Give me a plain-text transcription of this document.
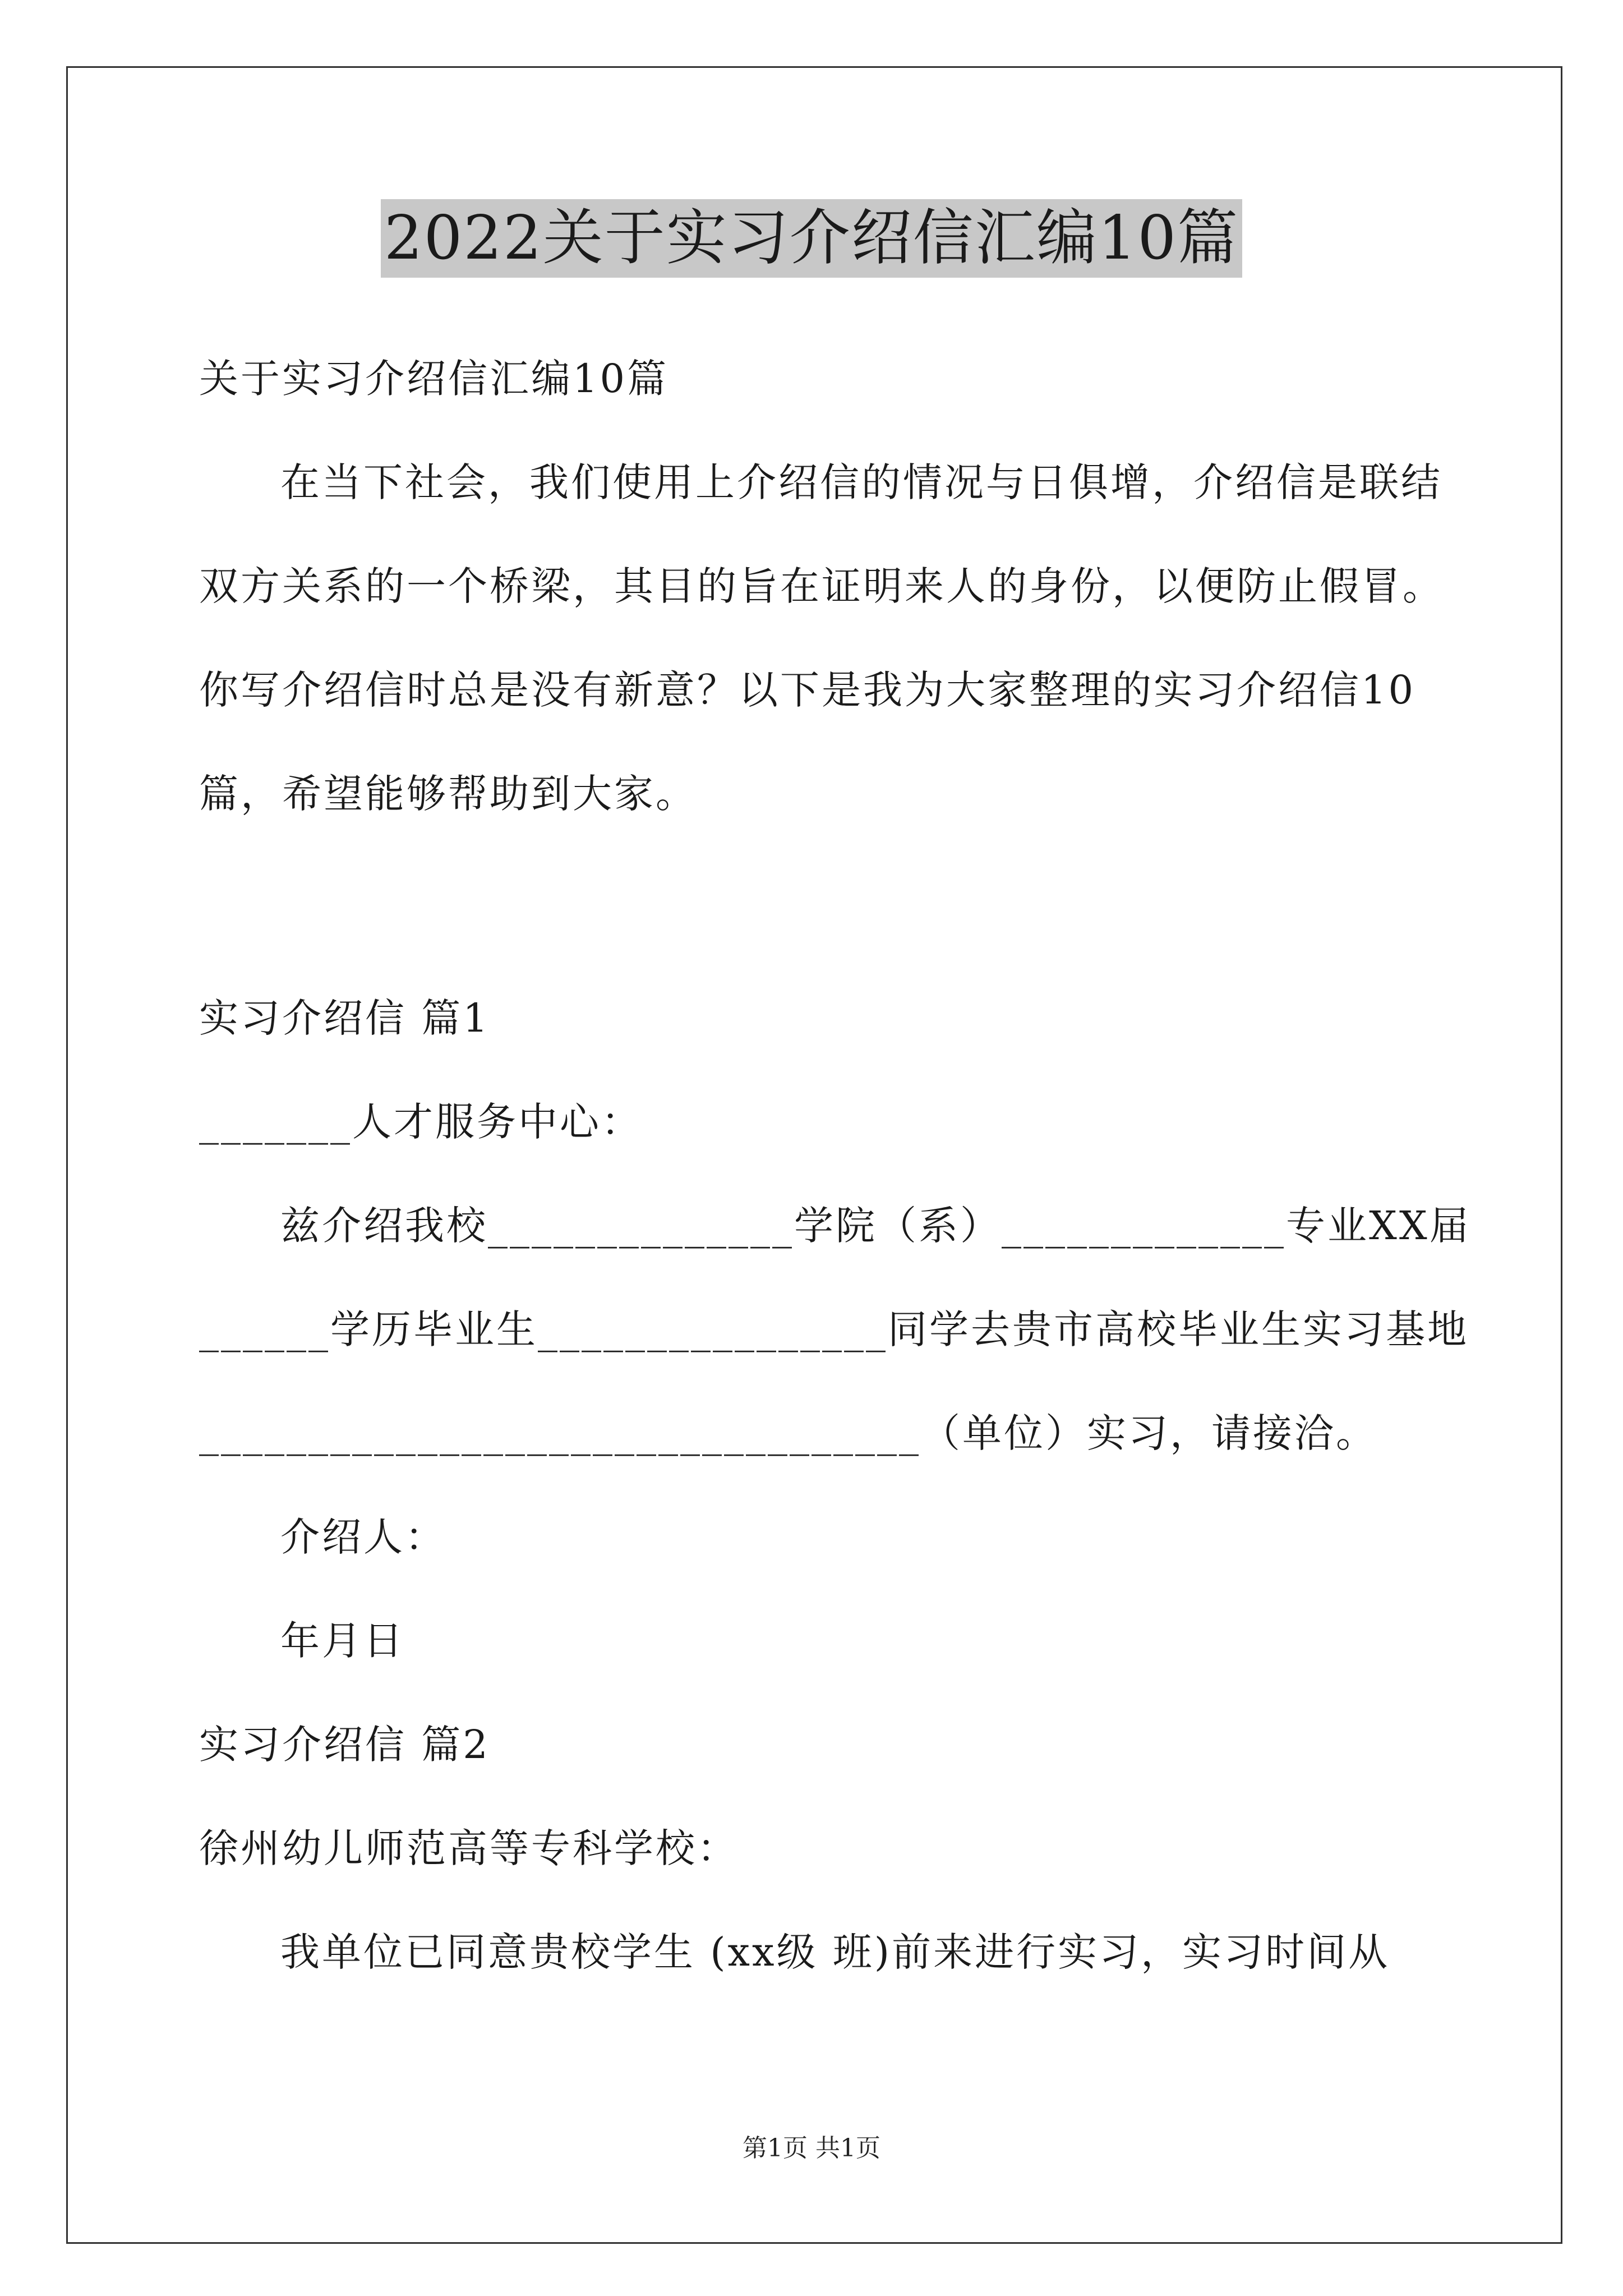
2022关于实习介绍信汇编10篇
关于实习介绍信汇编10篇
在当下社会，我们使用上介绍信的情况与日俱增，介绍信是联结
双方关系的一个桥梁，其目的旨在证明来人的身份，以便防止假冒。
你写介绍信时总是没有新意？以下是我为大家整理的实习介绍信10
篇，希望能够帮助到大家。
实习介绍信 篇1
_______人才服务中心：
兹介绍我校______________学院（系）_____________专业XX届
______学历毕业生________________同学去贵市高校毕业生实习基地
_________________________________（单位）实习，请接洽。
介绍人：
年月日
实习介绍信 篇2
徐州幼儿师范高等专科学校：
我单位已同意贵校学生 (xx级 班)前来进行实习，实习时间从
第1页 共1页
